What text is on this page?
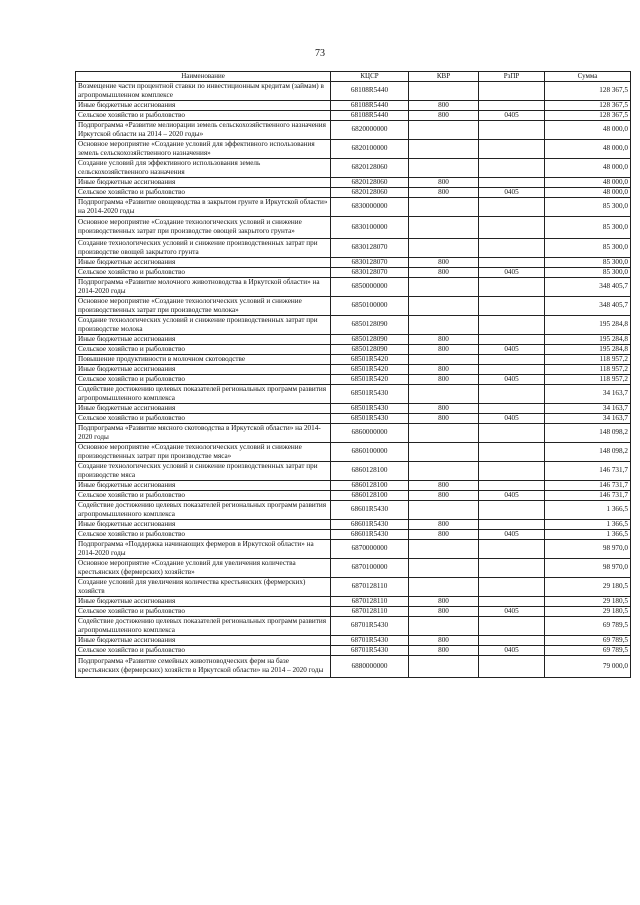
73
Наименование	КЦСР	КВР	РзПР	Сумма
Возмещение части процентной ставки по инвестиционным кредитам (займам) в агропромышленном комплексе	68108R5440			128 367,5
Иные бюджетные ассигнования	68108R5440	800		128 367,5
Сельское хозяйство и рыболовство	68108R5440	800	0405	128 367,5
Подпрограмма «Развитие мелиорации земель сельскохозяйственного назначения Иркутской области на 2014 – 2020 годы»	6820000000			48 000,0
Основное мероприятие «Создание условий для эффективного использования земель сельскохозяйственного назначения»	6820100000			48 000,0
Создание условий для эффективного использования земель сельскохозяйственного назначения	6820128060			48 000,0
Иные бюджетные ассигнования	6820128060	800		48 000,0
Сельское хозяйство и рыболовство	6820128060	800	0405	48 000,0
Подпрограмма «Развитие овощеводства в закрытом грунте в Иркутской области» на 2014-2020 годы	6830000000			85 300,0
Основное мероприятие «Создание технологических условий и снижение производственных затрат при производстве овощей закрытого грунта»	6830100000			85 300,0
Создание технологических условий и снижение производственных затрат при производстве овощей закрытого грунта	6830128070			85 300,0
Иные бюджетные ассигнования	6830128070	800		85 300,0
Сельское хозяйство и рыболовство	6830128070	800	0405	85 300,0
Подпрограмма «Развитие молочного животноводства в Иркутской области» на 2014-2020 годы	6850000000			348 405,7
Основное мероприятие «Создание технологических условий и снижение производственных затрат при производстве молока»	6850100000			348 405,7
Создание технологических условий и снижение производственных затрат при производстве молока	6850128090			195 284,8
Иные бюджетные ассигнования	6850128090	800		195 284,8
Сельское хозяйство и рыболовство	6850128090	800	0405	195 284,8
Повышение продуктивности в молочном скотоводстве	68501R5420			118 957,2
Иные бюджетные ассигнования	68501R5420	800		118 957,2
Сельское хозяйство и рыболовство	68501R5420	800	0405	118 957,2
Содействие достижению целевых показателей региональных программ развития агропромышленного комплекса	68501R5430			34 163,7
Иные бюджетные ассигнования	68501R5430	800		34 163,7
Сельское хозяйство и рыболовство	68501R5430	800	0405	34 163,7
Подпрограмма «Развитие мясного скотоводства в Иркутской области» на 2014-2020 годы	6860000000			148 098,2
Основное мероприятие «Создание технологических условий и снижение производственных затрат при производстве мяса»	6860100000			148 098,2
Создание технологических условий и снижение производственных затрат при производстве мяса	6860128100			146 731,7
Иные бюджетные ассигнования	6860128100	800		146 731,7
Сельское хозяйство и рыболовство	6860128100	800	0405	146 731,7
Содействие достижению целевых показателей региональных программ развития агропромышленного комплекса	68601R5430			1 366,5
Иные бюджетные ассигнования	68601R5430	800		1 366,5
Сельское хозяйство и рыболовство	68601R5430	800	0405	1 366,5
Подпрограмма «Поддержка начинающих фермеров в Иркутской области» на 2014-2020 годы	6870000000			98 970,0
Основное мероприятие «Создание условий для увеличения количества крестьянских (фермерских) хозяйств»	6870100000			98 970,0
Создание условий для увеличения количества крестьянских (фермерских) хозяйств	6870128110			29 180,5
Иные бюджетные ассигнования	6870128110	800		29 180,5
Сельское хозяйство и рыболовство	6870128110	800	0405	29 180,5
Содействие достижению целевых показателей региональных программ развития агропромышленного комплекса	68701R5430			69 789,5
Иные бюджетные ассигнования	68701R5430	800		69 789,5
Сельское хозяйство и рыболовство	68701R5430	800	0405	69 789,5
Подпрограмма «Развитие семейных животноводческих ферм на базе крестьянских (фермерских) хозяйств в Иркутской области» на 2014 – 2020 годы	6880000000			79 000,0
